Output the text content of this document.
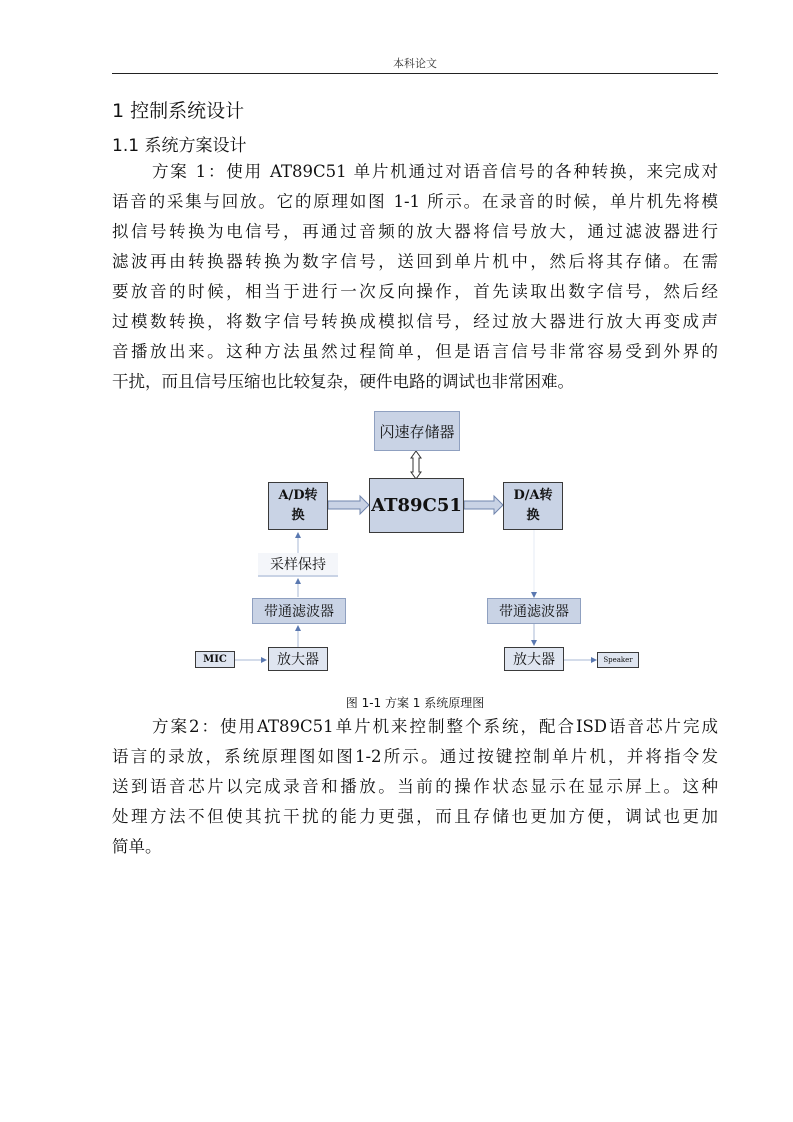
本科论文
1 控制系统设计
1.1 系统方案设计
方案 1：使用 AT89C51 单片机通过对语音信号的各种转换，来完成对
语音的采集与回放。它的原理如图 1-1 所示。在录音的时候，单片机先将模
拟信号转换为电信号，再通过音频的放大器将信号放大，通过滤波器进行
滤波再由转换器转换为数字信号，送回到单片机中，然后将其存储。在需
要放音的时候，相当于进行一次反向操作，首先读取出数字信号，然后经
过模数转换，将数字信号转换成模拟信号，经过放大器进行放大再变成声
音播放出来。这种方法虽然过程简单，但是语言信号非常容易受到外界的
干扰，而且信号压缩也比较复杂，硬件电路的调试也非常困难。
闪速存储器
AT89C51
A/D转换
D/A转换
采样保持
带通滤波器	带通滤波器
放大器	放大器
MIC	Speaker
图 1-1 方案 1 系统原理图
方案2：使用AT89C51单片机来控制整个系统，配合ISD语音芯片完成
语言的录放，系统原理图如图1-2所示。通过按键控制单片机，并将指令发
送到语音芯片以完成录音和播放。当前的操作状态显示在显示屏上。这种
处理方法不但使其抗干扰的能力更强，而且存储也更加方便，调试也更加
简单。
